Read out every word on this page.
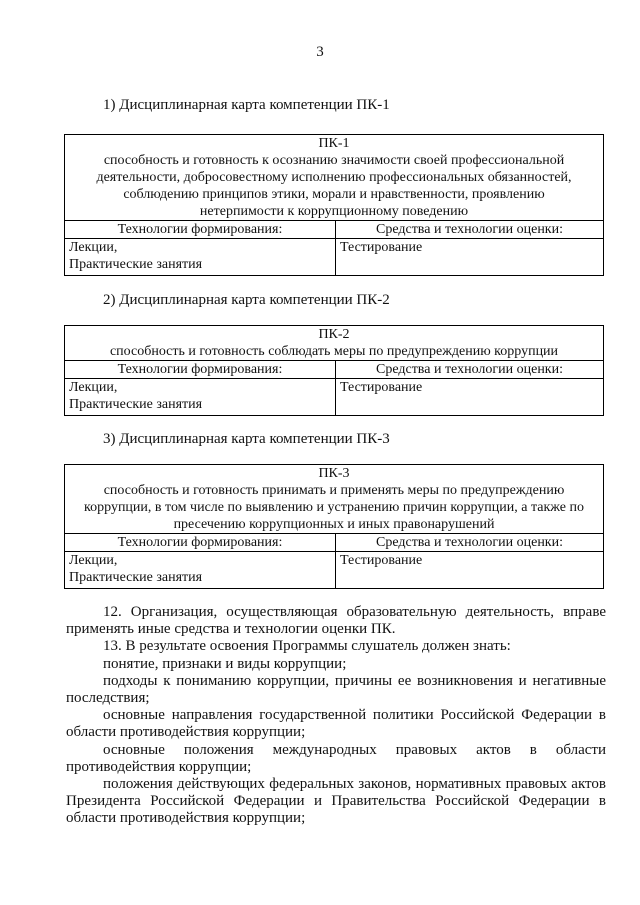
3
1) Дисциплинарная карта компетенции ПК-1
ПК-1
способность и готовность к осознанию значимости своей профессиональной деятельности, добросовестному исполнению профессиональных обязанностей, соблюдению принципов этики, морали и нравственности, проявлению нетерпимости к коррупционному поведению	

Технологии формирования:	Средства и технологии оценки:

Лекции,
Практические занятия	Тестирование
2) Дисциплинарная карта компетенции ПК-2
ПК-2
способность и готовность соблюдать меры по предупреждению коррупции	

Технологии формирования:	Средства и технологии оценки:

Лекции,
Практические занятия	Тестирование
3) Дисциплинарная карта компетенции ПК-3
ПК-3
способность и готовность принимать и применять меры по предупреждению коррупции, в том числе по выявлению и устранению причин коррупции, а также по пресечению коррупционных и иных правонарушений	

Технологии формирования:	Средства и технологии оценки:

Лекции,
Практические занятия	Тестирование

12. Организация, осуществляющая образовательную деятельность, вправе применять иные средства и технологии оценки ПК.

13. В результате освоения Программы слушатель должен знать:

понятие, признаки и виды коррупции;

подходы к пониманию коррупции, причины ее возникновения и негативные последствия;

основные направления государственной политики Российской Федерации в области противодействия коррупции;

основные положения международных правовых актов в области противодействия коррупции;

положения действующих федеральных законов, нормативных правовых актов Президента Российской Федерации и Правительства Российской Федерации в области противодействия коррупции;
